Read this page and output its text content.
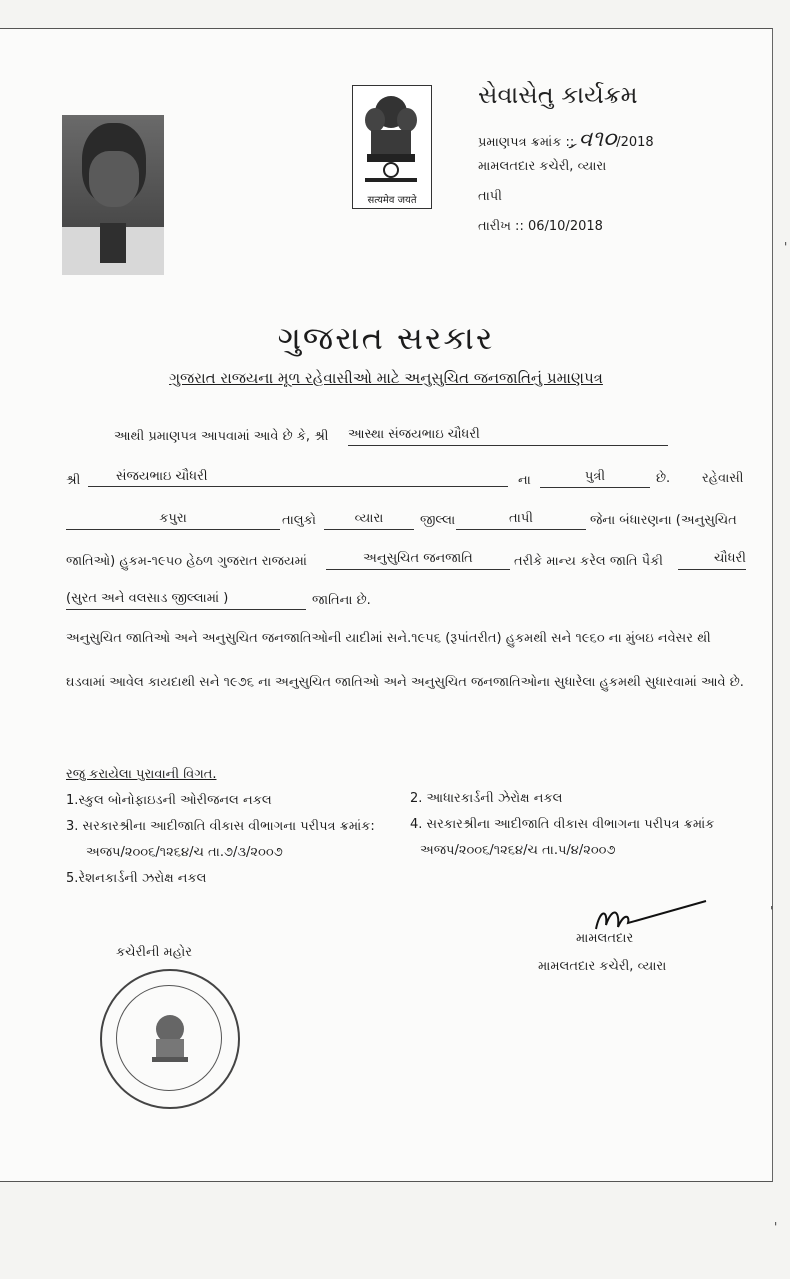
सत्यमेव जयते
સેવાસેતુ કાર્યક્રમ
પ્રમાણપત્ર ક્રમાંક :: ર્‍વ૧૦/2018
મામલતદાર કચેરી, વ્યારા
તાપી
તારીખ :: 06/10/2018
ગુજરાત સરકાર
ગુજરાત રાજયના મૂળ રહેવાસીઓ માટે અનુસુચિત જનજાતિનું પ્રમાણપત્ર
આથી પ્રમાણપત્ર આપવામાં આવે છે કે, શ્રી આસ્થા સંજયભાઇ ચૌધરી
શ્રી	સંજયભાઇ ચૌધરી	ના	પુત્રી	છે. રહેવાસી
કપુરા	તાલુકો	વ્યારા	જીલ્લા	તાપી	જેના બંધારણના (અનુસુચિત
જાતિઓ) હુકમ-૧૯૫૦ હેઠળ ગુજરાત રાજયમાં	અનુસુચિત જનજાતિ	તરીકે માન્ય કરેલ જાતિ પૈકી	ચૌધરી
(સુરત અને વલસાડ જીલ્લામાં )	જાતિના છે.
અનુસુચિત જાતિઓ અને અનુસુચિત જનજાતિઓની યાદીમાં સને.૧૯૫૬ (રૂપાંતરીત) હુકમથી સને ૧૯૬૦ ના મુંબઇ નવેસર થી ઘડવામાં આવેલ કાયદાથી સને ૧૯૭૬ ના અનુસુચિત જાતિઓ અને અનુસુચિત જનજાતિઓના સુધારેલા હુકમથી સુધારવામાં આવે છે.
રજુ કરાયેલા પુરાવાની વિગત.
1.સ્કુલ બોનોફાઇડની ઓરીજનલ નકલ	2. આધારકાર્ડની ઝેરોક્ષ નકલ
3. સરકારશ્રીના આદીજાતિ વીકાસ વીભાગના પરીપત્ર ક્રમાંક:	4. સરકારશ્રીના આદીજાતિ વીકાસ વીભાગના પરીપત્ર ક્રમાંક
અજપ/૨૦૦૬/૧૨૬૪/ચ તા.૭/૩/૨૦૦૭	અજપ/૨૦૦૬/૧૨૬૪/ચ તા.પ/૪/૨૦૦૭
5.રેશનકાર્ડની ઝરોક્ષ નકલ
કચેરીની મહોર
મામલતદાર
મામલતદાર કચેરી, વ્યારા
'
'
'
